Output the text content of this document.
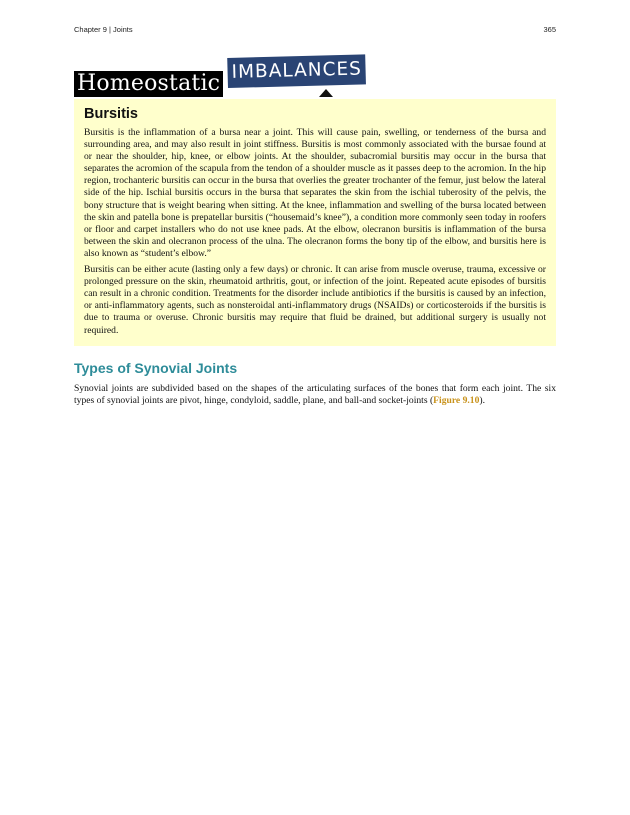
Chapter 9 | Joints	365
Homeostatic
IMBALANCES
Bursitis

Bursitis is the inflammation of a bursa near a joint. This will cause pain, swelling, or tenderness of the bursa and surrounding area, and may also result in joint stiffness. Bursitis is most commonly associated with the bursae found at or near the shoulder, hip, knee, or elbow joints. At the shoulder, subacromial bursitis may occur in the bursa that separates the acromion of the scapula from the tendon of a shoulder muscle as it passes deep to the acromion. In the hip region, trochanteric bursitis can occur in the bursa that overlies the greater trochanter of the femur, just below the lateral side of the hip. Ischial bursitis occurs in the bursa that separates the skin from the ischial tuberosity of the pelvis, the bony structure that is weight bearing when sitting. At the knee, inflammation and swelling of the bursa located between the skin and patella bone is prepatellar bursitis (“housemaid’s knee”), a condition more commonly seen today in roofers or floor and carpet installers who do not use knee pads. At the elbow, olecranon bursitis is inflammation of the bursa between the skin and olecranon process of the ulna. The olecranon forms the bony tip of the elbow, and bursitis here is also known as “student’s elbow.”

Bursitis can be either acute (lasting only a few days) or chronic. It can arise from muscle overuse, trauma, excessive or prolonged pressure on the skin, rheumatoid arthritis, gout, or infection of the joint. Repeated acute episodes of bursitis can result in a chronic condition. Treatments for the disorder include antibiotics if the bursitis is caused by an infection, or anti-inflammatory agents, such as nonsteroidal anti-inflammatory drugs (NSAIDs) or corticosteroids if the bursitis is due to trauma or overuse. Chronic bursitis may require that fluid be drained, but additional surgery is usually not required.

Types of Synovial Joints

Synovial joints are subdivided based on the shapes of the articulating surfaces of the bones that form each joint. The six types of synovial joints are pivot, hinge, condyloid, saddle, plane, and ball-and socket-joints (Figure 9.10).
